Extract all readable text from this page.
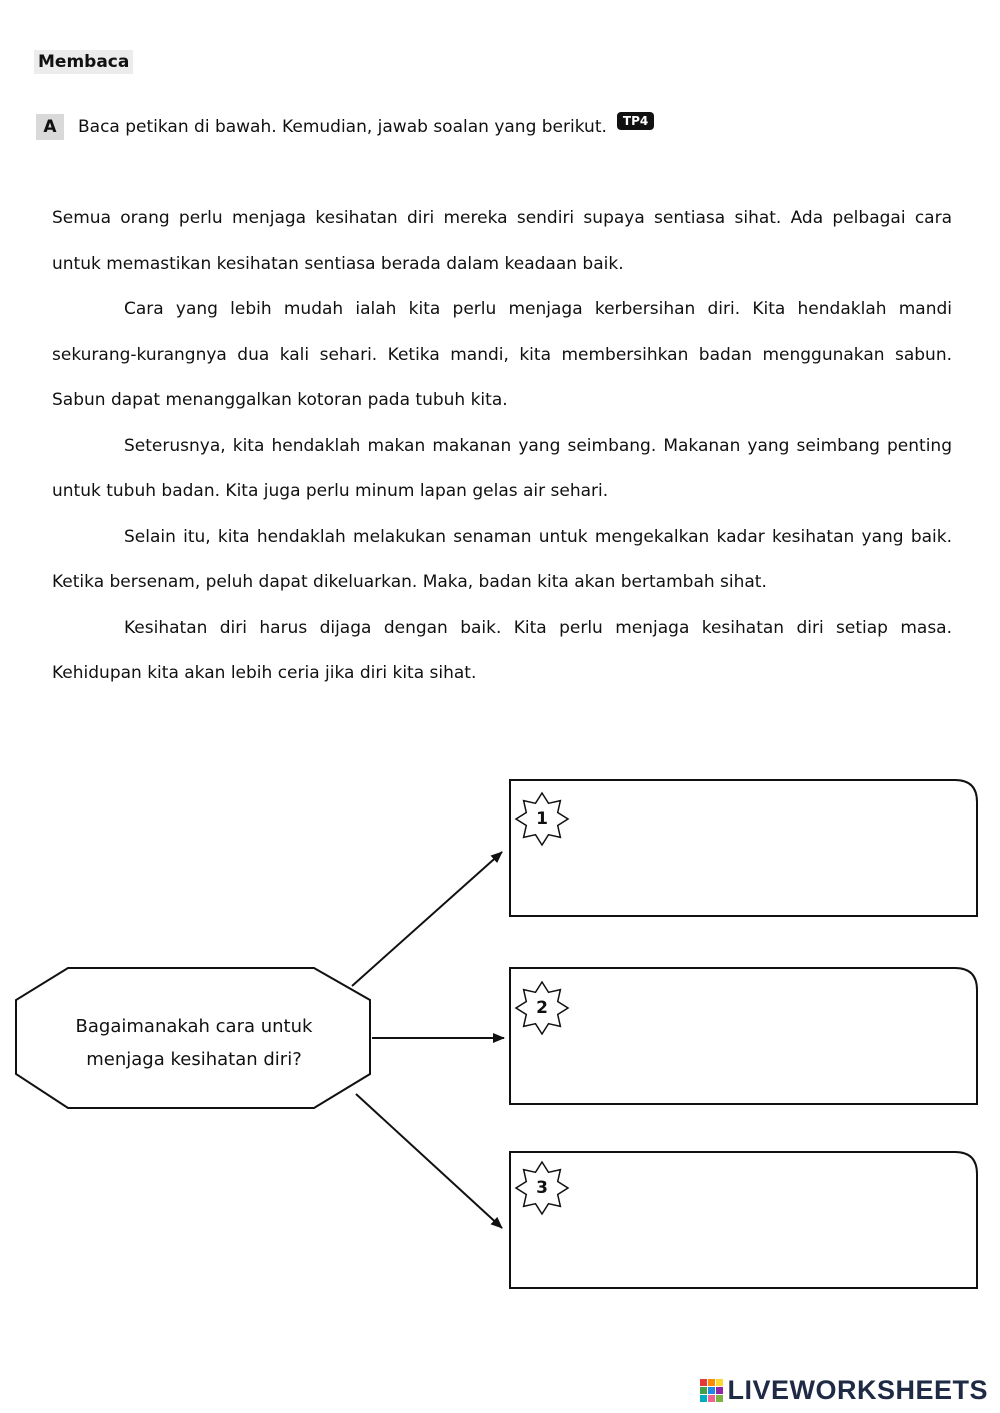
Membaca
A	Baca petikan di bawah. Kemudian, jawab soalan yang berikut.	TP4

Semua orang perlu menjaga kesihatan diri mereka sendiri supaya sentiasa sihat. Ada pelbagai cara untuk memastikan kesihatan sentiasa berada dalam keadaan baik.

Cara yang lebih mudah ialah kita perlu menjaga kerbersihan diri. Kita hendaklah mandi sekurang-kurangnya dua kali sehari. Ketika mandi, kita membersihkan badan menggunakan sabun. Sabun dapat menanggalkan kotoran pada tubuh kita.

Seterusnya, kita hendaklah makan makanan yang seimbang. Makanan yang seimbang penting untuk tubuh badan. Kita juga perlu minum lapan gelas air sehari.

Selain itu, kita hendaklah melakukan senaman untuk mengekalkan kadar kesihatan yang baik. Ketika bersenam, peluh dapat dikeluarkan. Maka, badan kita akan bertambah sihat.

Kesihatan diri harus dijaga dengan baik. Kita perlu menjaga kesihatan diri setiap masa. Kehidupan kita akan lebih ceria jika diri kita sihat.

Bagaimanakah cara untuk
menjaga kesihatan diri?
1
2
3
LIVEWORKSHEETS
